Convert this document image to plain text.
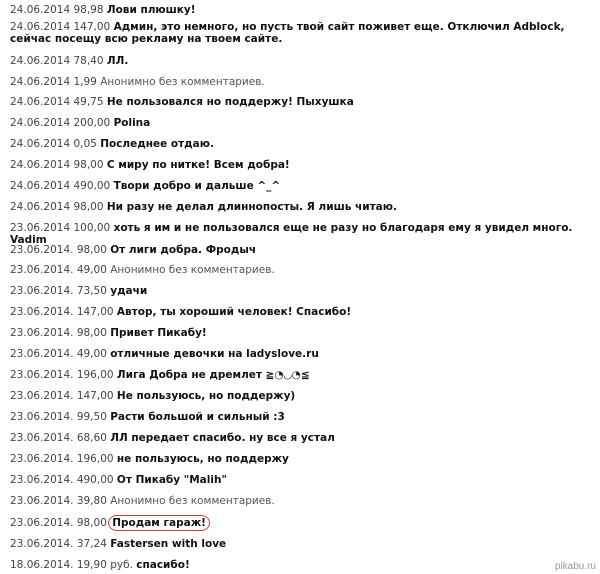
24.06.2014 98,98 Лови плюшку!
24.06.2014 147,00 Админ, это немного, но пусть твой сайт поживет еще. Отключил Adblock, сейчас посещу всю рекламу на твоем сайте.
24.06.2014 78,40 ЛЛ.
24.06.2014 1,99 Анонимно без комментариев.
24.06.2014 49,75 Не пользовался но поддержу! Пыхушка
24.06.2014 200,00 Polina
24.06.2014 0,05 Последнее отдаю.
24.06.2014 98,00 С миру по нитке! Всем добра!
24.06.2014 490,00 Твори добро и дальше ^_^
24.06.2014 98,00 Ни разу не делал длиннопосты. Я лишь читаю.
23.06.2014 100,00 хоть я им и не пользовался еще не разу но благодаря ему я увидел много. Vadim
23.06.2014. 98,00 От лиги добра. Фродыч
23.06.2014. 49,00 Анонимно без комментариев.
23.06.2014. 73,50 удачи
23.06.2014. 147,00 Автор, ты хороший человек! Спасибо!
23.06.2014. 98,00 Привет Пикабу!
23.06.2014. 49,00 отличные девочки на ladyslove.ru
23.06.2014. 196,00 Лига Добра не дремлет ≧◔◡◔≦
23.06.2014. 147,00 Не пользуюсь, но поддержу)
23.06.2014. 99,50 Расти большой и сильный :3
23.06.2014. 68,60 ЛЛ передает спасибо. ну все я устал
23.06.2014. 196,00 не пользуюсь, но поддержу
23.06.2014. 490,00 От Пикабу "Malih"
23.06.2014. 39,80 Анонимно без комментариев.
23.06.2014. 98,00 Продам гараж!
23.06.2014. 37,24 Fastersen with love
18.06.2014. 19,90 руб. спасибо!	pikabu.ru
